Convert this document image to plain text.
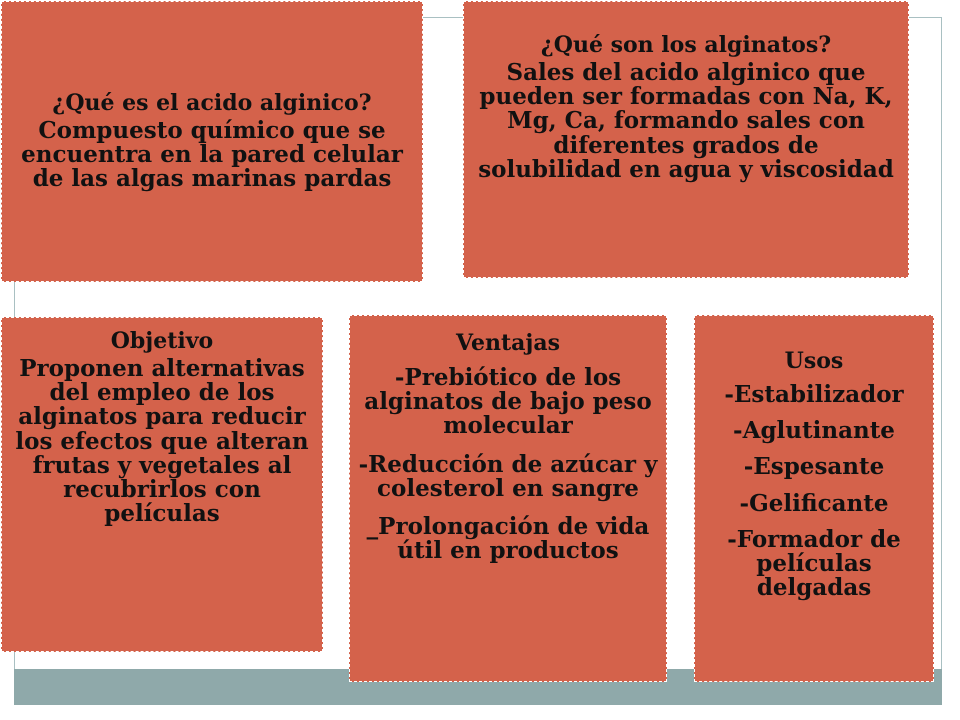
¿Qué es el acido alginico?
Compuesto químico que se encuentra en la pared celular de las algas marinas pardas
¿Qué son los alginatos?
Sales del acido alginico que pueden ser formadas con Na, K, Mg, Ca, formando sales con diferentes grados de solubilidad en agua y viscosidad
Objetivo
Proponen alternativas del empleo de los alginatos para reducir los efectos que alteran frutas y vegetales al recubrirlos con películas
Ventajas
-Prebiótico de los alginatos de bajo peso molecular
-Reducción de azúcar y colesterol en sangre
_Prolongación de vida útil en productos
Usos
-Estabilizador
-Aglutinante
-Espesante
-Gelificante
-Formador de películas delgadas
